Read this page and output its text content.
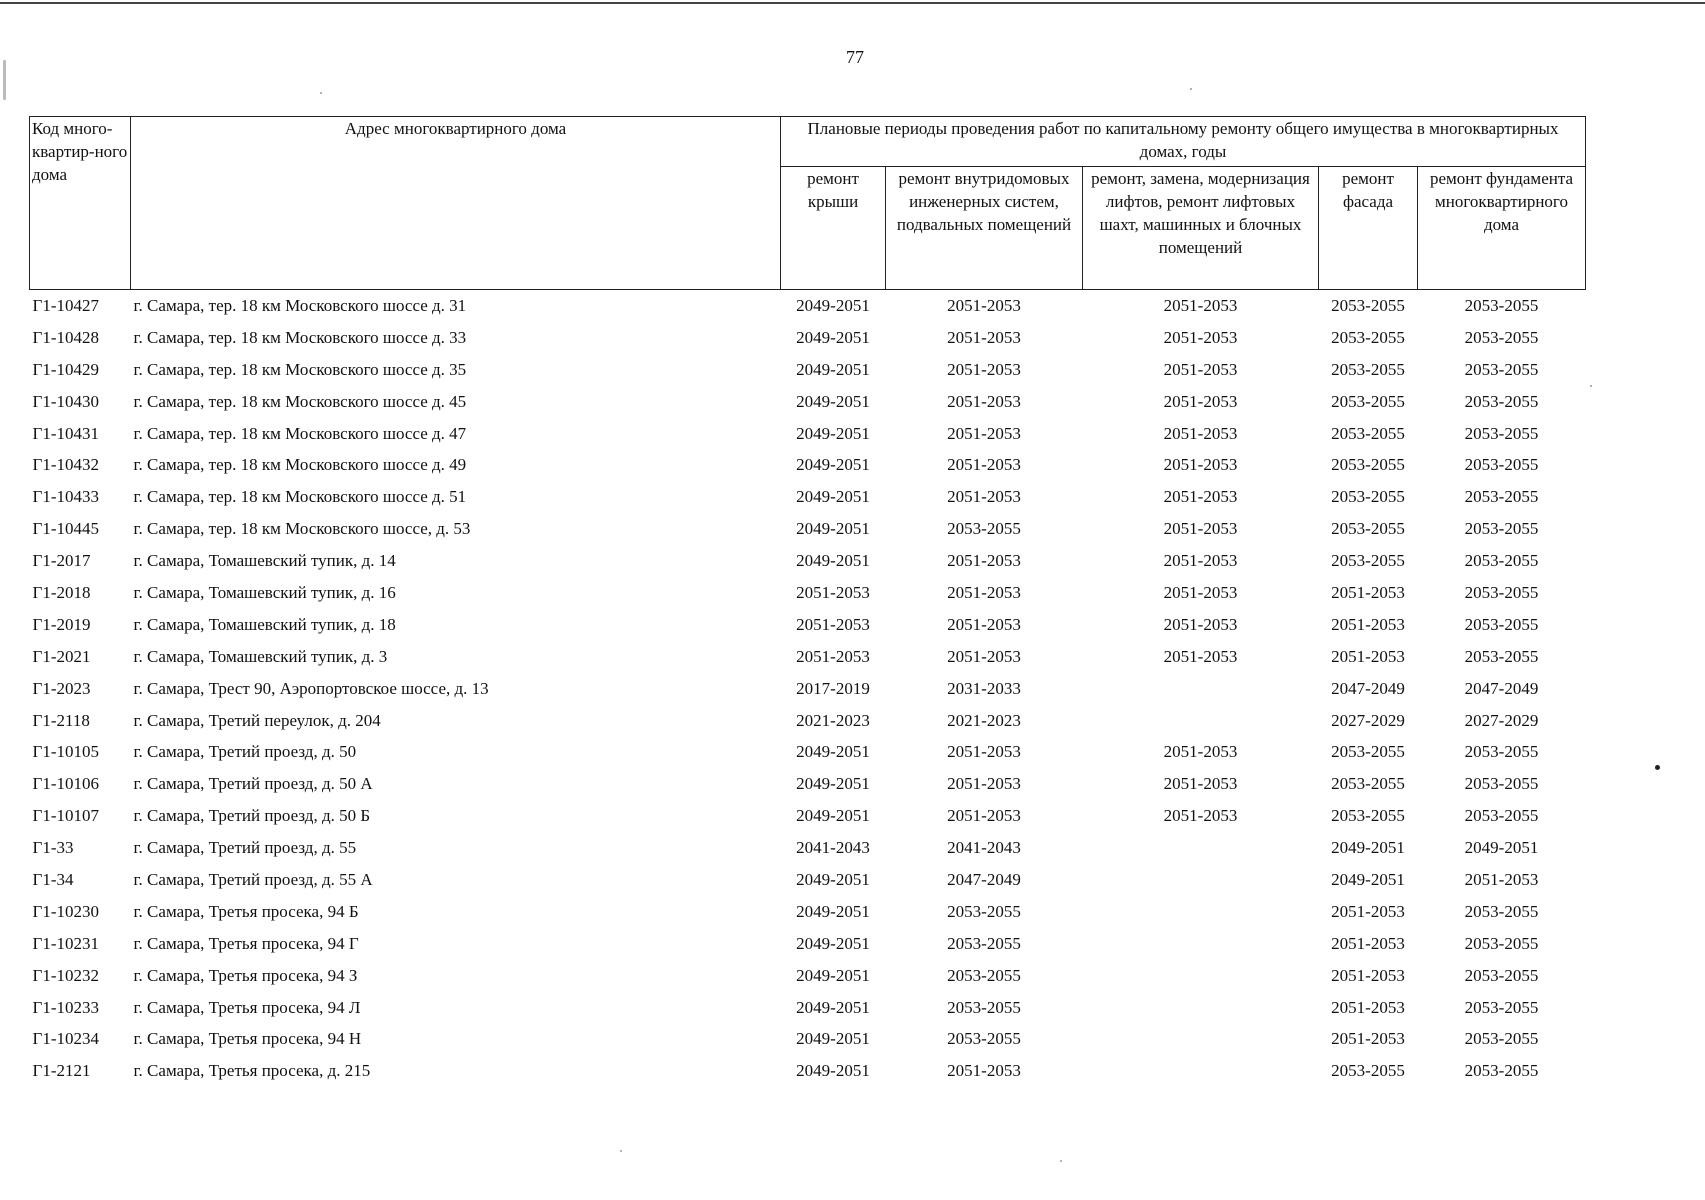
77
Код много-квартир-ного дома	Адрес многоквартирного дома	Плановые периоды проведения работ по капитальному ремонту общего имущества в многоквартирных домах, годы				
		ремонт крыши	ремонт внутридомовых инженерных систем, подвальных помещений	ремонт, замена, модернизация лифтов, ремонт лифтовых шахт, машинных и блочных помещений	ремонт фасада	ремонт фундамента многоквартирного дома
Г1-10427	г. Самара, тер. 18 км Московского шоссе д. 31	2049-2051	2051-2053	2051-2053	2053-2055	2053-2055
Г1-10428	г. Самара, тер. 18 км Московского шоссе д. 33	2049-2051	2051-2053	2051-2053	2053-2055	2053-2055
Г1-10429	г. Самара, тер. 18 км Московского шоссе д. 35	2049-2051	2051-2053	2051-2053	2053-2055	2053-2055
Г1-10430	г. Самара, тер. 18 км Московского шоссе д. 45	2049-2051	2051-2053	2051-2053	2053-2055	2053-2055
Г1-10431	г. Самара, тер. 18 км Московского шоссе д. 47	2049-2051	2051-2053	2051-2053	2053-2055	2053-2055
Г1-10432	г. Самара, тер. 18 км Московского шоссе д. 49	2049-2051	2051-2053	2051-2053	2053-2055	2053-2055
Г1-10433	г. Самара, тер. 18 км Московского шоссе д. 51	2049-2051	2051-2053	2051-2053	2053-2055	2053-2055
Г1-10445	г. Самара, тер. 18 км Московского шоссе, д. 53	2049-2051	2053-2055	2051-2053	2053-2055	2053-2055
Г1-2017	г. Самара, Томашевский тупик, д. 14	2049-2051	2051-2053	2051-2053	2053-2055	2053-2055
Г1-2018	г. Самара, Томашевский тупик, д. 16	2051-2053	2051-2053	2051-2053	2051-2053	2053-2055
Г1-2019	г. Самара, Томашевский тупик, д. 18	2051-2053	2051-2053	2051-2053	2051-2053	2053-2055
Г1-2021	г. Самара, Томашевский тупик, д. 3	2051-2053	2051-2053	2051-2053	2051-2053	2053-2055
Г1-2023	г. Самара, Трест 90, Аэропортовское шоссе, д. 13	2017-2019	2031-2033		2047-2049	2047-2049
Г1-2118	г. Самара, Третий переулок, д. 204	2021-2023	2021-2023		2027-2029	2027-2029
Г1-10105	г. Самара, Третий проезд, д. 50	2049-2051	2051-2053	2051-2053	2053-2055	2053-2055
Г1-10106	г. Самара, Третий проезд, д. 50 А	2049-2051	2051-2053	2051-2053	2053-2055	2053-2055
Г1-10107	г. Самара, Третий проезд, д. 50 Б	2049-2051	2051-2053	2051-2053	2053-2055	2053-2055
Г1-33	г. Самара, Третий проезд, д. 55	2041-2043	2041-2043		2049-2051	2049-2051
Г1-34	г. Самара, Третий проезд, д. 55 А	2049-2051	2047-2049		2049-2051	2051-2053
Г1-10230	г. Самара, Третья просека, 94 Б	2049-2051	2053-2055		2051-2053	2053-2055
Г1-10231	г. Самара, Третья просека, 94 Г	2049-2051	2053-2055		2051-2053	2053-2055
Г1-10232	г. Самара, Третья просека, 94 З	2049-2051	2053-2055		2051-2053	2053-2055
Г1-10233	г. Самара, Третья просека, 94 Л	2049-2051	2053-2055		2051-2053	2053-2055
Г1-10234	г. Самара, Третья просека, 94 Н	2049-2051	2053-2055		2051-2053	2053-2055
Г1-2121	г. Самара, Третья просека, д. 215	2049-2051	2051-2053		2053-2055	2053-2055
